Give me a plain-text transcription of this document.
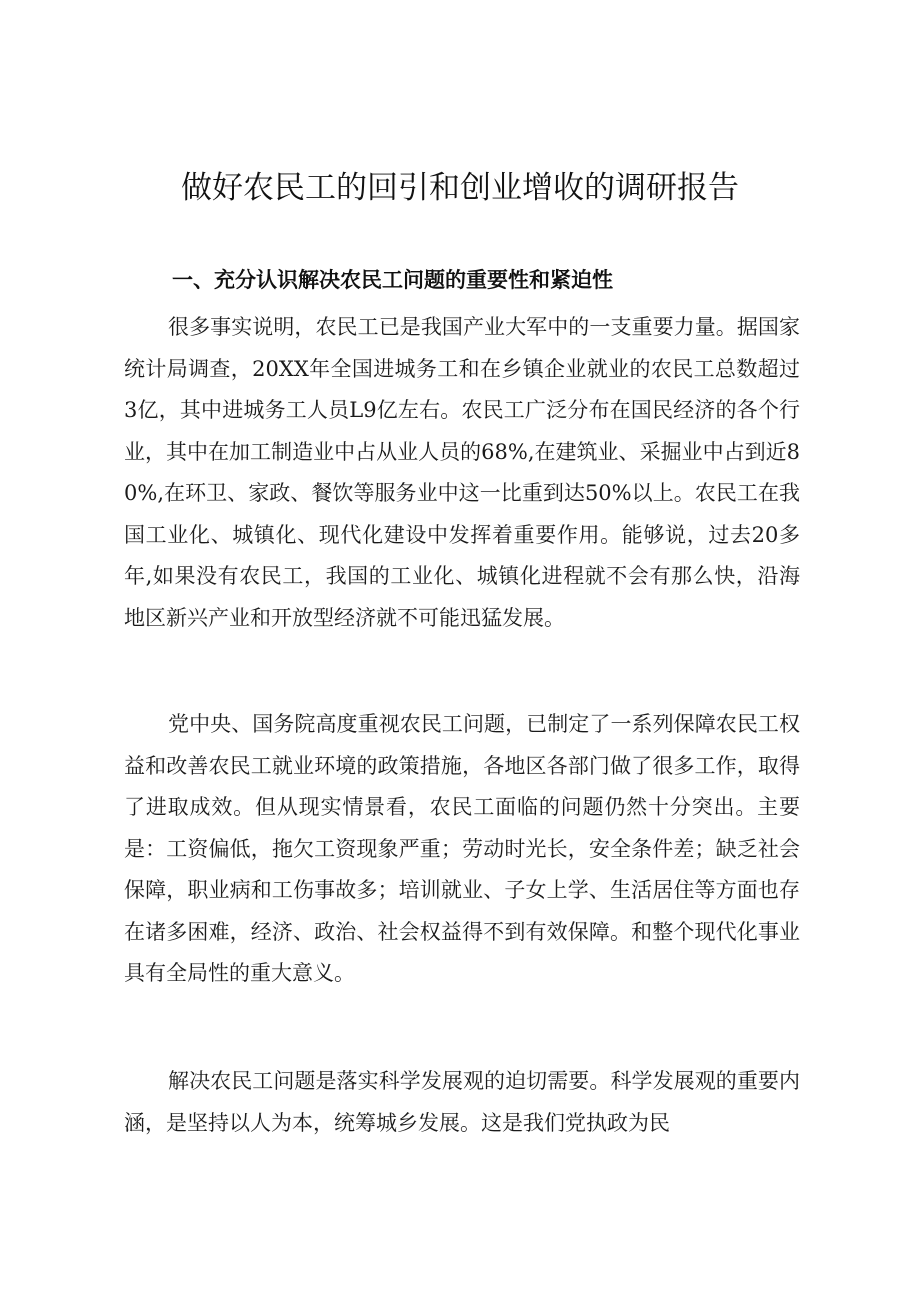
做好农民工的回引和创业增收的调研报告
一、充分认识解决农民工问题的重要性和紧迫性

很多事实说明，农民工已是我国产业大军中的一支重要力量。据国家统计局调查，20XX年全国进城务工和在乡镇企业就业的农民工总数超过3亿，其中进城务工人员L9亿左右。农民工广泛分布在国民经济的各个行业，其中在加工制造业中占从业人员的68%,在建筑业、采掘业中占到近80%,在环卫、家政、餐饮等服务业中这一比重到达50%以上。农民工在我国工业化、城镇化、现代化建设中发挥着重要作用。能够说，过去20多年,如果没有农民工，我国的工业化、城镇化进程就不会有那么快，沿海地区新兴产业和开放型经济就不可能迅猛发展。

党中央、国务院高度重视农民工问题，已制定了一系列保障农民工权益和改善农民工就业环境的政策措施，各地区各部门做了很多工作，取得了进取成效。但从现实情景看，农民工面临的问题仍然十分突出。主要是：工资偏低，拖欠工资现象严重；劳动时光长，安全条件差；缺乏社会保障，职业病和工伤事故多；培训就业、子女上学、生活居住等方面也存在诸多困难，经济、政治、社会权益得不到有效保障。和整个现代化事业具有全局性的重大意义。

解决农民工问题是落实科学发展观的迫切需要。科学发展观的重要内涵，是坚持以人为本，统筹城乡发展。这是我们党执政为民
